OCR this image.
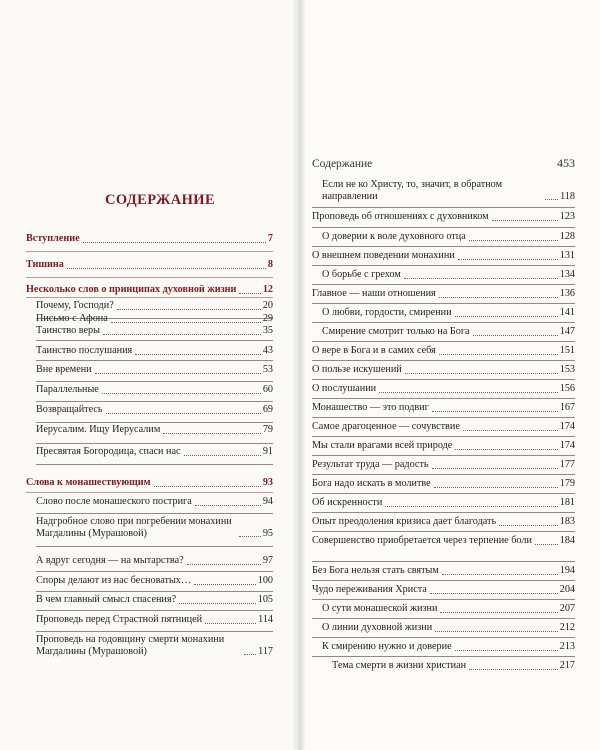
СОДЕРЖАНИЕ
Содержание	453
Вступление	7
Тишина	8
Несколько слов о принципах духовной жизни	12
Почему, Господи?	20
Письмо с Афона	29
Таинство веры	35
Таинство послушания	43
Вне времени	53
Параллельные	60
Возвращайтесь	69
Иерусалим. Ищу Иерусалим	79
Пресвятая Богородица, спаси нас	91
Слова к монашествующим	93
Слово после монашеского пострига	94
Надгробное слово при погребении монахини Магдалины (Мурашовой)	95
А вдруг сегодня — на мытарства?	97
Споры делают из нас бесноватых…	100
В чем главный смысл спасения?	105
Проповедь перед Страстной пятницей	114
Проповедь на годовщину смерти монахини Магдалины (Мурашовой)	117
Если не ко Христу, то, значит, в обратном направлении	118
Проповедь об отношениях с духовником	123
О доверии к воле духовного отца	128
О внешнем поведении монахини	131
О борьбе с грехом	134
Главное — наши отношения	136
О любви, гордости, смирении	141
Смирение смотрит только на Бога	147
О вере в Бога и в самих себя	151
О пользе искушений	153
О послушании	156
Монашество — это подвиг	167
Самое драгоценное — сочувствие	174
Мы стали врагами всей природе	174
Результат труда — радость	177
Бога надо искать в молитве	179
Об искренности	181
Опыт преодоления кризиса дает благодать	183
Совершенство приобретается через терпение боли	184
Без Бога нельзя стать святым	194
Чудо переживания Христа	204
О сути монашеской жизни	207
О линии духовной жизни	212
К смирению нужно и доверие	213
Тема смерти в жизни христиан	217
